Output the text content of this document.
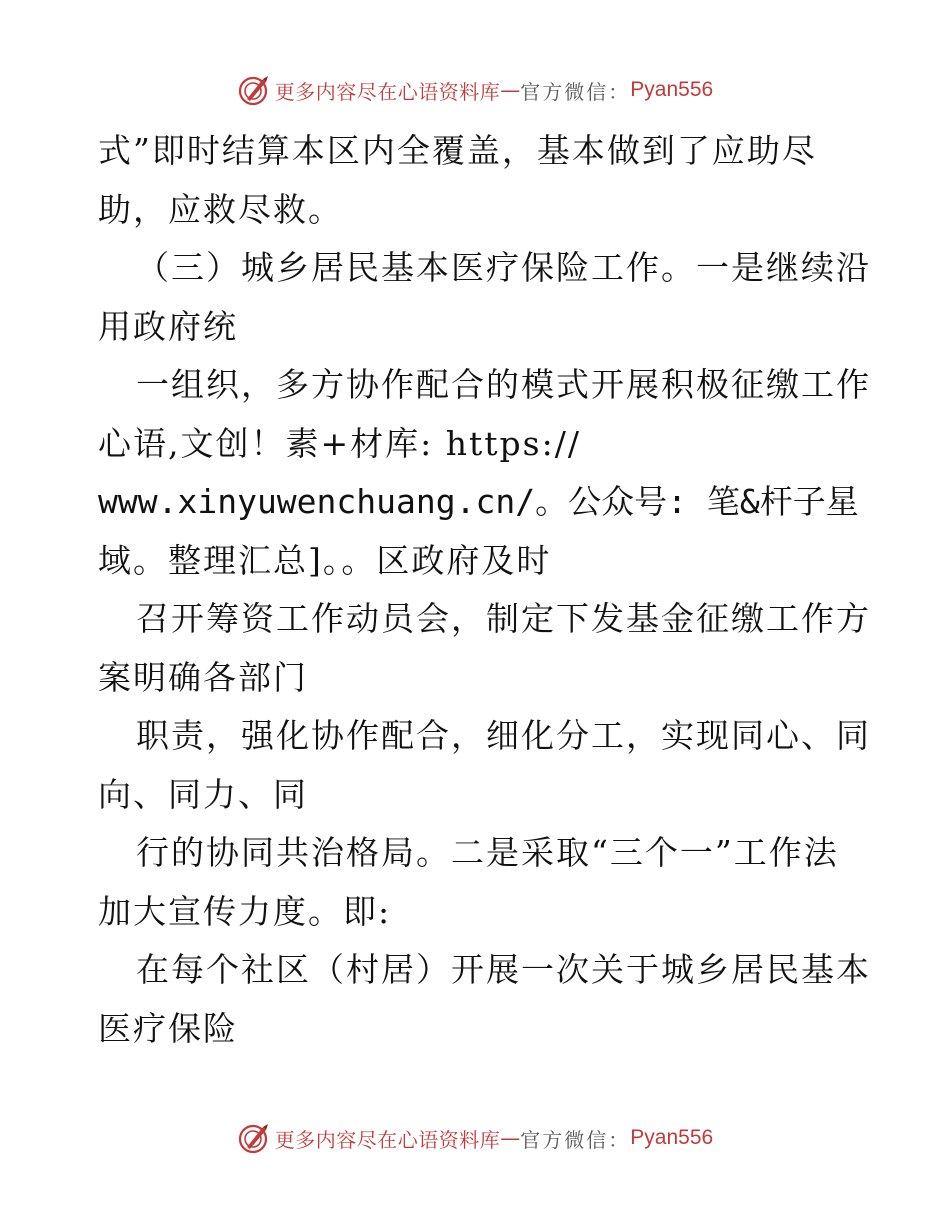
更多内容尽在心语资料库 — 官方微信： Pyan556
式”即时结算本区内全覆盖，基本做到了应助尽
助，应救尽救。
（三）城乡居民基本医疗保险工作。一是继续沿
用政府统
一组织，多方协作配合的模式开展积极征缴工作
心语,文创！素+材库: https://
www.xinyuwenchuang.cn/。公众号: 笔&杆子星
域。整理汇总]。。区政府及时
召开筹资工作动员会，制定下发基金征缴工作方
案明确各部门
职责，强化协作配合，细化分工，实现同心、同
向、同力、同
行的协同共治格局。二是采取“三个一”工作法
加大宣传力度。即:
在每个社区（村居）开展一次关于城乡居民基本
医疗保险
更多内容尽在心语资料库 — 官方微信： Pyan556
